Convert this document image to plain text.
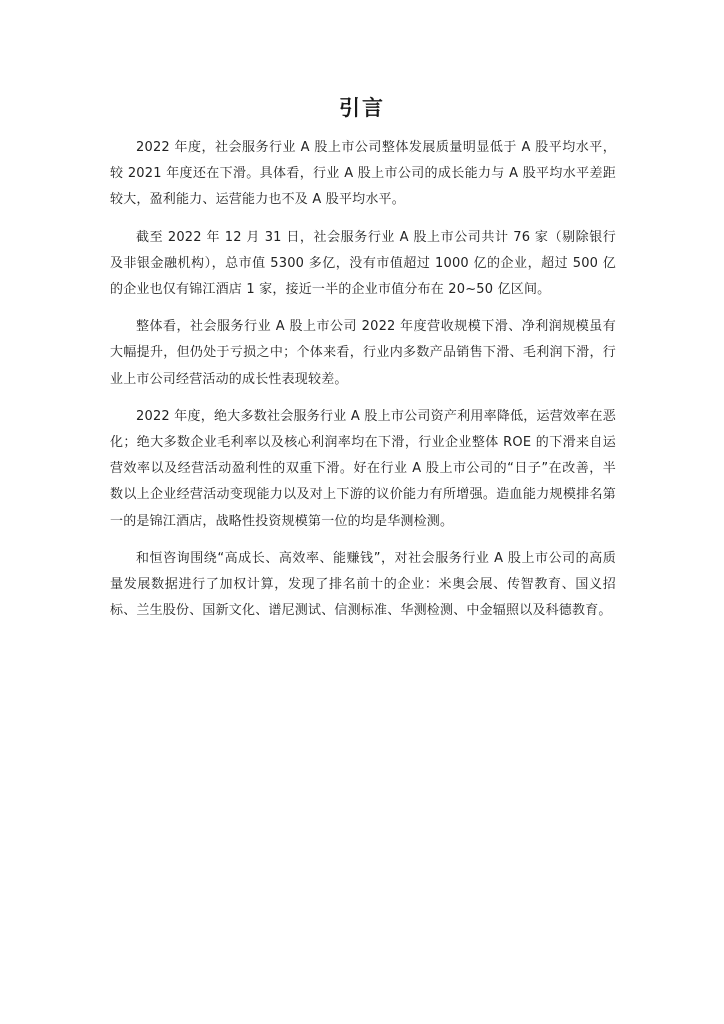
引言

2022 年度，社会服务行业 A 股上市公司整体发展质量明显低于 A 股平均水平，较 2021 年度还在下滑。具体看，行业 A 股上市公司的成长能力与 A 股平均水平差距较大，盈利能力、运营能力也不及 A 股平均水平。

截至 2022 年 12 月 31 日，社会服务行业 A 股上市公司共计 76 家（剔除银行及非银金融机构），总市值 5300 多亿，没有市值超过 1000 亿的企业，超过 500 亿的企业也仅有锦江酒店 1 家，接近一半的企业市值分布在 20~50 亿区间。

整体看，社会服务行业 A 股上市公司 2022 年度营收规模下滑、净利润规模虽有大幅提升，但仍处于亏损之中；个体来看，行业内多数产品销售下滑、毛利润下滑，行业上市公司经营活动的成长性表现较差。

2022 年度，绝大多数社会服务行业 A 股上市公司资产利用率降低，运营效率在恶化；绝大多数企业毛利率以及核心利润率均在下滑，行业企业整体 ROE 的下滑来自运营效率以及经营活动盈利性的双重下滑。好在行业 A 股上市公司的“日子”在改善，半数以上企业经营活动变现能力以及对上下游的议价能力有所增强。造血能力规模排名第一的是锦江酒店，战略性投资规模第一位的均是华测检测。

和恒咨询围绕“高成长、高效率、能赚钱”，对社会服务行业 A 股上市公司的高质量发展数据进行了加权计算，发现了排名前十的企业：米奥会展、传智教育、国义招标、兰生股份、国新文化、谱尼测试、信测标准、华测检测、中金辐照以及科德教育。
